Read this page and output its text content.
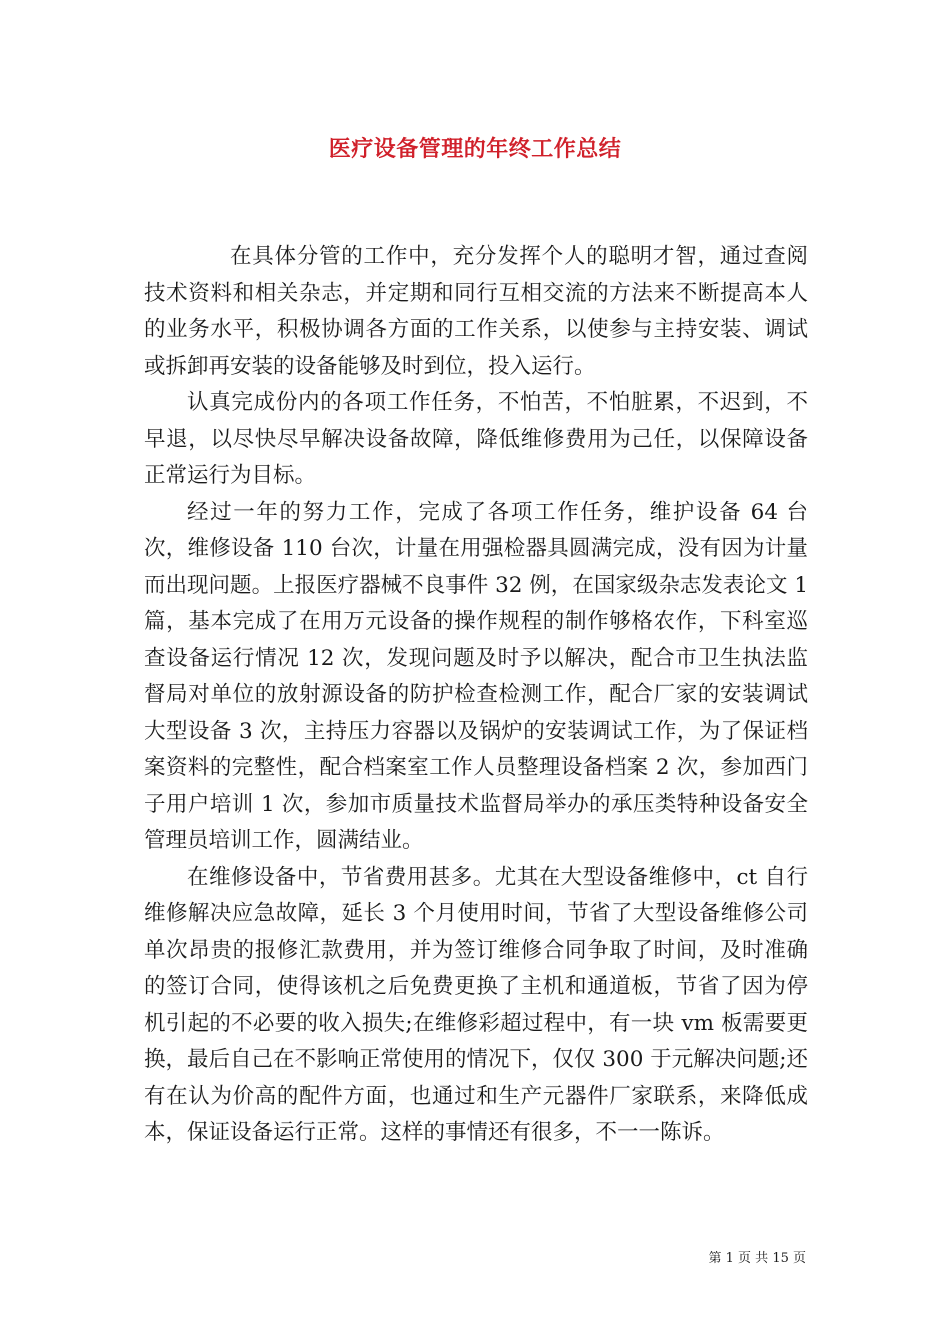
医疗设备管理的年终工作总结

在具体分管的工作中，充分发挥个人的聪明才智，通过查阅技术资料和相关杂志，并定期和同行互相交流的方法来不断提高本人的业务水平，积极协调各方面的工作关系，以使参与主持安装、调试或拆卸再安装的设备能够及时到位，投入运行。

认真完成份内的各项工作任务，不怕苦，不怕脏累，不迟到，不早退，以尽快尽早解决设备故障，降低维修费用为己任，以保障设备正常运行为目标。

经过一年的努力工作，完成了各项工作任务，维护设备 64 台次，维修设备 110 台次，计量在用强检器具圆满完成，没有因为计量而出现问题。上报医疗器械不良事件 32 例，在国家级杂志发表论文 1 篇，基本完成了在用万元设备的操作规程的制作够格农作，下科室巡查设备运行情况 12 次，发现问题及时予以解决，配合市卫生执法监督局对单位的放射源设备的防护检查检测工作，配合厂家的安装调试大型设备 3 次，主持压力容器以及锅炉的安装调试工作，为了保证档案资料的完整性，配合档案室工作人员整理设备档案 2 次，参加西门子用户培训 1 次，参加市质量技术监督局举办的承压类特种设备安全管理员培训工作，圆满结业。

在维修设备中，节省费用甚多。尤其在大型设备维修中，ct 自行维修解决应急故障，延长 3 个月使用时间，节省了大型设备维修公司单次昂贵的报修汇款费用，并为签订维修合同争取了时间，及时准确的签订合同，使得该机之后免费更换了主机和通道板，节省了因为停机引起的不必要的收入损失;在维修彩超过程中，有一块 vm 板需要更换，最后自己在不影响正常使用的情况下，仅仅 300 于元解决问题;还有在认为价高的配件方面，也通过和生产元器件厂家联系，来降低成本，保证设备运行正常。这样的事情还有很多，不一一陈诉。

第 1 页 共 15 页
